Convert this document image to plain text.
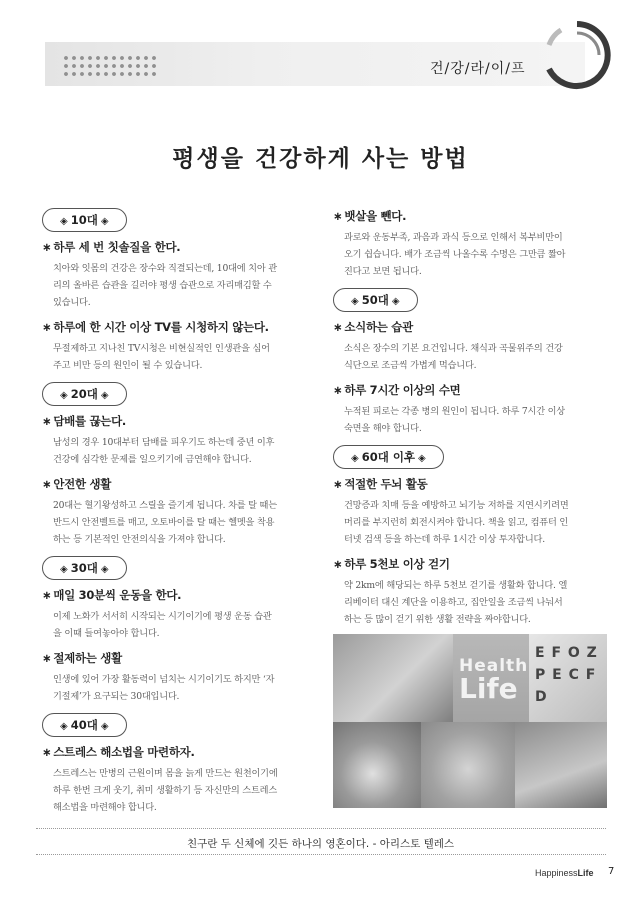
건/강/라/이/프
평생을 건강하게 사는 방법
◈ 10대 ◈
∗ 하루 세 번 칫솔질을 한다.
치아와 잇몸의 건강은 장수와 직결되는데, 10대에 치아 관
리의 올바른 습관을 길러야 평생 습관으로 자리매김할 수
있습니다.
∗ 하루에 한 시간 이상 TV를 시청하지 않는다.
무절제하고 지나친 TV시청은 비현실적인 인생관을 심어
주고 비만 등의 원인이 될 수 있습니다.
◈ 20대 ◈
∗ 담배를 끊는다.
남성의 경우 10대부터 담배를 피우기도 하는데 중년 이후
건강에 심각한 문제를 일으키기에 금연해야 합니다.
∗ 안전한 생활
20대는 혈기왕성하고 스릴을 즐기게 됩니다. 차를 탈 때는
반드시 안전벨트를 매고, 오토바이를 탈 때는 헬멧을 착용
하는 등 기본적인 안전의식을 가져야 합니다.
◈ 30대 ◈
∗ 매일 30분씩 운동을 한다.
이제 노화가 서서히 시작되는 시기이기에 평생 운동 습관
을 이때 들여놓아야 합니다.
∗ 절제하는 생활
인생에 있어 가장 활동력이 넘치는 시기이기도 하지만 ‘자
기절제’가 요구되는 30대입니다.
◈ 40대 ◈
∗ 스트레스 해소법을 마련하자.
스트레스는 만병의 근원이며 몸을 늙게 만드는 원천이기에
하루 한번 크게 웃기, 취미 생활하기 등 자신만의 스트레스
해소법을 마련해야 합니다.
∗ 뱃살을 뺀다.
과로와 운동부족, 과음과 과식 등으로 인해서 복부비만이
오기 쉽습니다. 배가 조금씩 나올수록 수명은 그만큼 짧아
진다고 보면 됩니다.
◈ 50대 ◈
∗ 소식하는 습관
소식은 장수의 기본 요건입니다. 채식과 곡물위주의 건강
식단으로 조금씩 가볍게 먹습니다.
∗ 하루 7시간 이상의 수면
누적된 피로는 각종 병의 원인이 됩니다. 하루 7시간 이상
숙면을 해야 합니다.
◈ 60대 이후 ◈
∗ 적절한 두뇌 활동
건망증과 치매 등을 예방하고 뇌기능 저하를 지연시키려면
머리를 부지런히 회전시켜야 합니다. 책을 읽고, 컴퓨터 인
터넷 검색 등을 하는데 하루 1시간 이상 투자합니다.
∗ 하루 5천보 이상 걷기
약 2km에 해당되는 하루 5천보 걷기를 생활화 합니다. 엘
리베이터 대신 계단을 이용하고, 집안일을 조금씩 나눠서
하는 등 많이 걷기 위한 생활 전략을 짜야합니다.
E F O Z P E C F D
Health
Life
친구란 두 신체에 깃든 하나의 영혼이다. - 아리스토 텔레스
HappinessLife 7
